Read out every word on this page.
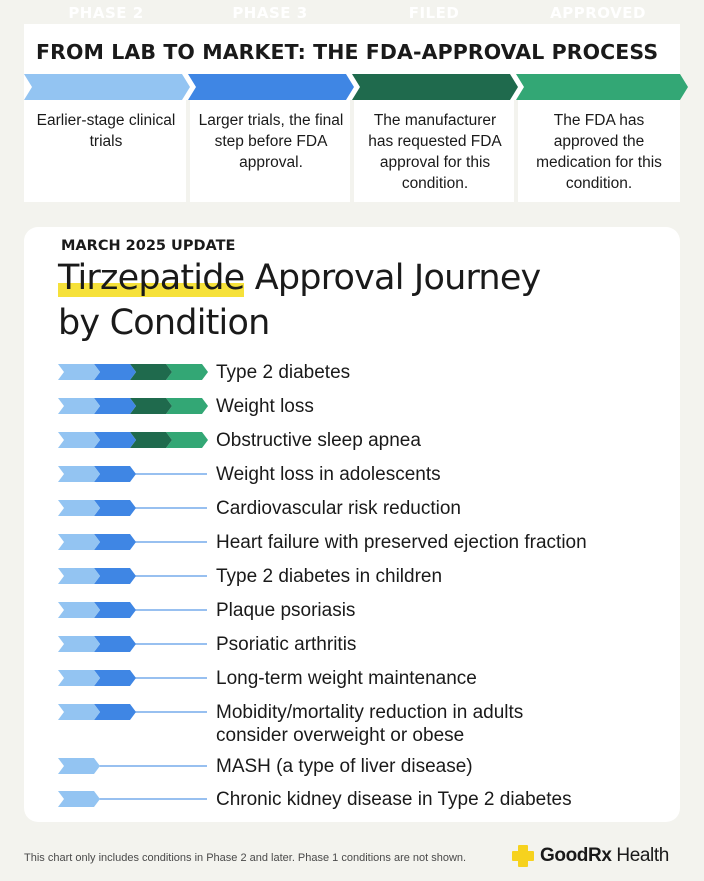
FROM LAB TO MARKET: THE FDA-APPROVAL PROCESS
PHASE 2	PHASE 3	FILED	APPROVED
Earlier-stage clinical trials
Larger trials, the final step before FDA approval.
The manufacturer has requested FDA approval for this condition.
The FDA has approved the medication for this condition.
MARCH 2025 UPDATE
Tirzepatide Approval Journey
by Condition
Type 2 diabetes
Weight loss
Obstructive sleep apnea
Weight loss in adolescents
Cardiovascular risk reduction
Heart failure with preserved ejection fraction
Type 2 diabetes in children
Plaque psoriasis
Psoriatic arthritis
Long-term weight maintenance
Mobidity/mortality reduction in adults consider overweight or obese
MASH (a type of liver disease)
Chronic kidney disease in Type 2 diabetes
This chart only includes conditions in Phase 2 and later. Phase 1 conditions are not shown.	GoodRx Health
